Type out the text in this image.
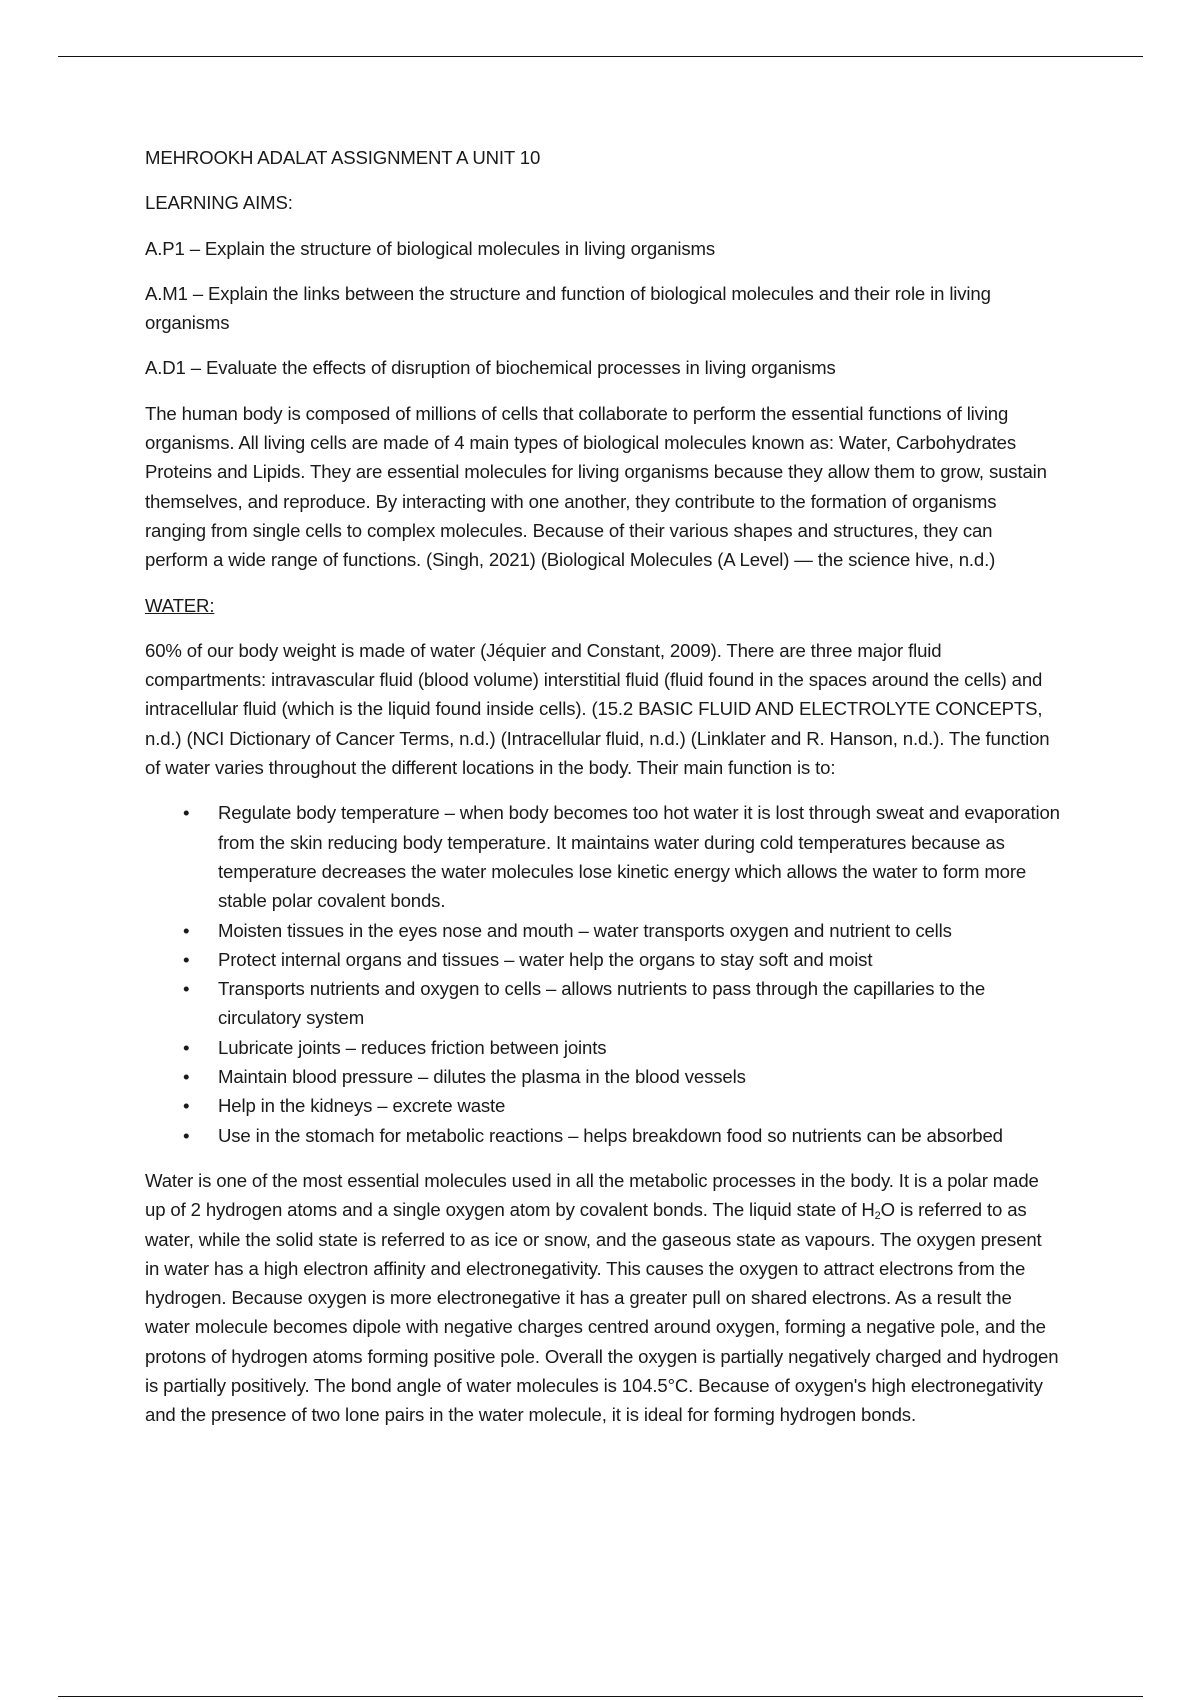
MEHROOKH ADALAT ASSIGNMENT A UNIT 10

LEARNING AIMS:

A.P1 – Explain the structure of biological molecules in living organisms

A.M1 – Explain the links between the structure and function of biological molecules and their role in living organisms

A.D1 – Evaluate the effects of disruption of biochemical processes in living organisms

The human body is composed of millions of cells that collaborate to perform the essential functions of living organisms. All living cells are made of 4 main types of biological molecules known as: Water, Carbohydrates Proteins and Lipids. They are essential molecules for living organisms because they allow them to grow, sustain themselves, and reproduce. By interacting with one another, they contribute to the formation of organisms ranging from single cells to complex molecules. Because of their various shapes and structures, they can perform a wide range of functions. (Singh, 2021) (Biological Molecules (A Level) — the science hive, n.d.)

WATER:

60% of our body weight is made of water (Jéquier and Constant, 2009). There are three major fluid compartments: intravascular fluid (blood volume) interstitial fluid (fluid found in the spaces around the cells) and intracellular fluid (which is the liquid found inside cells). (15.2 BASIC FLUID AND ELECTROLYTE CONCEPTS, n.d.) (NCI Dictionary of Cancer Terms, n.d.) (Intracellular fluid, n.d.) (Linklater and R. Hanson, n.d.). The function of water varies throughout the different locations in the body. Their main function is to:

• Regulate body temperature – when body becomes too hot water it is lost through sweat and evaporation from the skin reducing body temperature. It maintains water during cold temperatures because as temperature decreases the water molecules lose kinetic energy which allows the water to form more stable polar covalent bonds.
• Moisten tissues in the eyes nose and mouth – water transports oxygen and nutrient to cells
• Protect internal organs and tissues – water help the organs to stay soft and moist
• Transports nutrients and oxygen to cells – allows nutrients to pass through the capillaries to the circulatory system
• Lubricate joints – reduces friction between joints
• Maintain blood pressure – dilutes the plasma in the blood vessels
• Help in the kidneys – excrete waste
• Use in the stomach for metabolic reactions – helps breakdown food so nutrients can be absorbed

Water is one of the most essential molecules used in all the metabolic processes in the body. It is a polar made up of 2 hydrogen atoms and a single oxygen atom by covalent bonds. The liquid state of $H_2O$ is referred to as water, while the solid state is referred to as ice or snow, and the gaseous state as vapours. The oxygen present in water has a high electron affinity and electronegativity. This causes the oxygen to attract electrons from the hydrogen. Because oxygen is more electronegative it has a greater pull on shared electrons. As a result the water molecule becomes dipole with negative charges centred around oxygen, forming a negative pole, and the protons of hydrogen atoms forming positive pole. Overall the oxygen is partially negatively charged and hydrogen is partially positively. The bond angle of water molecules is 104.5°C. Because of oxygen's high electronegativity and the presence of two lone pairs in the water molecule, it is ideal for forming hydrogen bonds.
